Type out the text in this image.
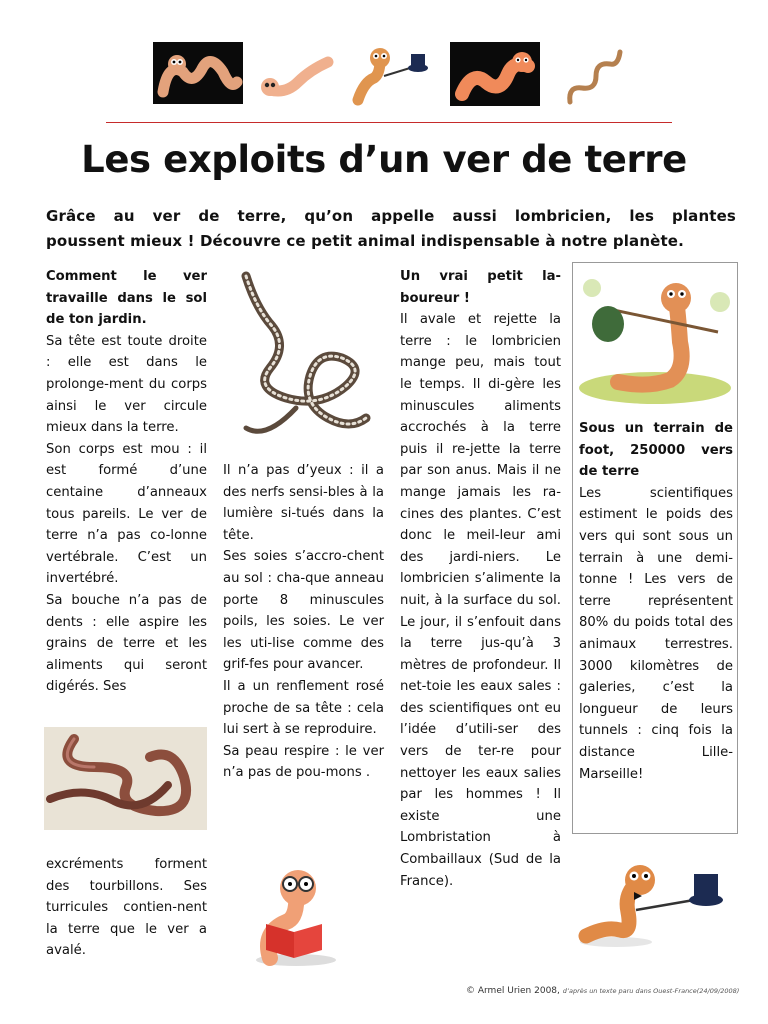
Les exploits d’un ver de terre
Grâce au ver de terre, qu’on appelle aussi lombricien, les plantes
poussent mieux ! Découvre ce petit animal indispensable à notre planète.

Comment le ver travaille dans le sol de ton jardin.

Sa tête est toute droite : elle est dans le prolonge-ment du corps ainsi le ver circule mieux dans la terre.

Son corps est mou : il est formé d’une centaine d’anneaux tous pareils. Le ver de terre n’a pas co-lonne vertébrale. C’est un invertébré.

Sa bouche n’a pas de dents : elle aspire les grains de terre et les aliments qui seront digérés. Ses

excréments forment des tourbillons. Ses turricules contien-nent la terre que le ver a avalé.

Il n’a pas d’yeux : il a des nerfs sensi-bles à la lumière si-tués dans la tête.

Ses soies s’accro-chent au sol : cha-que anneau porte 8 minuscules poils, les soies. Le ver les uti-lise comme des grif-fes pour avancer.

Il a un renflement rosé proche de sa tête : cela lui sert à se reproduire.

Sa peau respire : le ver n’a pas de pou-mons .

Un vrai petit la-boureur !

Il avale et rejette la terre : le lombricien mange peu, mais tout le temps. Il di-gère les minuscules aliments accrochés à la terre puis il re-jette la terre par son anus. Mais il ne mange jamais les ra-cines des plantes. C’est donc le meil-leur ami des jardi-niers. Le lombricien s’alimente la nuit, à la surface du sol. Le jour, il s’enfouit dans la terre jus-qu’à 3 mètres de profondeur. Il net-toie les eaux sales : des scientifiques ont eu l’idée d’utili-ser des vers de ter-re pour nettoyer les eaux salies par les hommes ! Il existe une Lombristation à Combaillaux (Sud de la France).

Sous un terrain de foot, 250000 vers de terre

Les scientifiques estiment le poids des vers qui sont sous un terrain à une demi-tonne ! Les vers de terre représentent 80% du poids total des animaux terrestres. 3000 kilomètres de galeries, c’est la longueur de leurs tunnels : cinq fois la distance Lille-Marseille!

© Armel Urien 2008, d’après un texte paru dans Ouest-France(24/09/2008)
